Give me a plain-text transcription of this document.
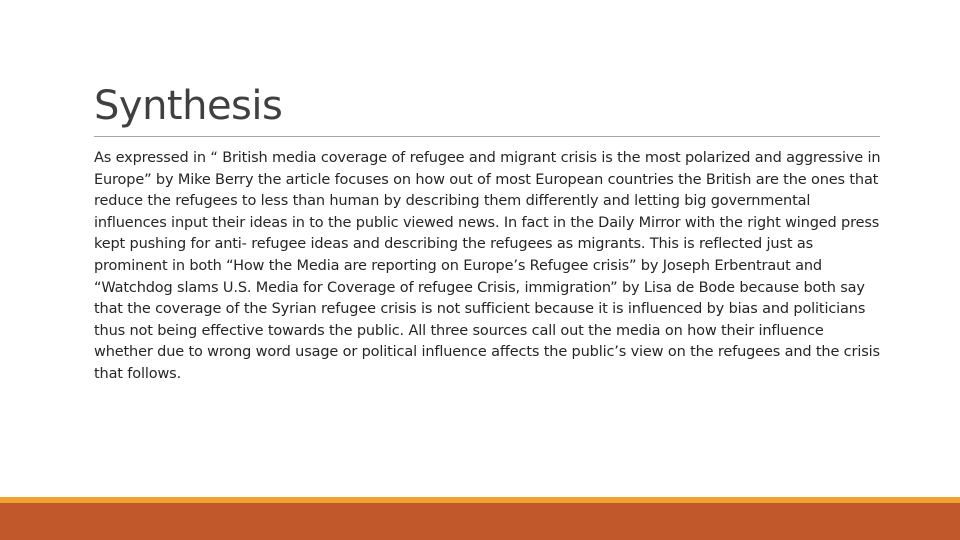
Synthesis

As expressed in “ British media coverage of refugee and migrant crisis is the most polarized and aggressive in Europe” by Mike Berry the article focuses on how out of most European countries the British are the ones that reduce the refugees to less than human by describing them differently and letting big governmental influences input their ideas in to the public viewed news. In fact in the Daily Mirror with the right winged press kept pushing for anti- refugee ideas and describing the refugees as migrants. This is reflected just as prominent in both “How the Media are reporting on Europe’s Refugee crisis” by Joseph Erbentraut and “Watchdog slams U.S. Media for Coverage of refugee Crisis, immigration” by Lisa de Bode because both say that the coverage of the Syrian refugee crisis is not sufficient because it is influenced by bias and politicians thus not being effective towards the public. All three sources call out the media on how their influence whether due to wrong word usage or political influence affects the public’s view on the refugees and the crisis that follows.
